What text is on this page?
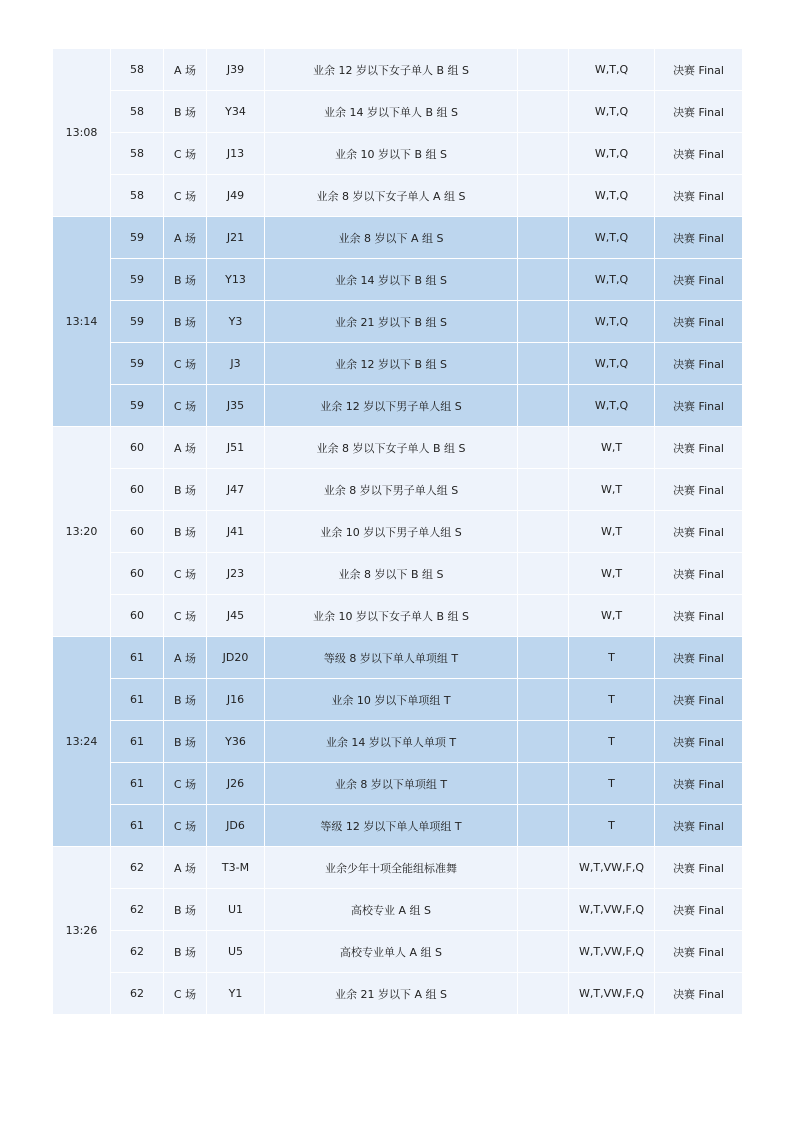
13:08	58	A 场	J39	业余 12 岁以下女子单人 B 组 S		W,T,Q	决赛 Final
	58	B 场	Y34	业余 14 岁以下单人 B 组 S		W,T,Q	决赛 Final
	58	C 场	J13	业余 10 岁以下 B 组 S		W,T,Q	决赛 Final
	58	C 场	J49	业余 8 岁以下女子单人 A 组 S		W,T,Q	决赛 Final
13:14	59	A 场	J21	业余 8 岁以下 A 组 S		W,T,Q	决赛 Final
	59	B 场	Y13	业余 14 岁以下 B 组 S		W,T,Q	决赛 Final
	59	B 场	Y3	业余 21 岁以下 B 组 S		W,T,Q	决赛 Final
	59	C 场	J3	业余 12 岁以下 B 组 S		W,T,Q	决赛 Final
	59	C 场	J35	业余 12 岁以下男子单人组 S		W,T,Q	决赛 Final
13:20	60	A 场	J51	业余 8 岁以下女子单人 B 组 S		W,T	决赛 Final
	60	B 场	J47	业余 8 岁以下男子单人组 S		W,T	决赛 Final
	60	B 场	J41	业余 10 岁以下男子单人组 S		W,T	决赛 Final
	60	C 场	J23	业余 8 岁以下 B 组 S		W,T	决赛 Final
	60	C 场	J45	业余 10 岁以下女子单人 B 组 S		W,T	决赛 Final
13:24	61	A 场	JD20	等级 8 岁以下单人单项组 T		T	决赛 Final
	61	B 场	J16	业余 10 岁以下单项组 T		T	决赛 Final
	61	B 场	Y36	业余 14 岁以下单人单项 T		T	决赛 Final
	61	C 场	J26	业余 8 岁以下单项组 T		T	决赛 Final
	61	C 场	JD6	等级 12 岁以下单人单项组 T		T	决赛 Final
13:26	62	A 场	T3-M	业余少年十项全能组标准舞		W,T,VW,F,Q	决赛 Final
	62	B 场	U1	高校专业 A 组 S		W,T,VW,F,Q	决赛 Final
	62	B 场	U5	高校专业单人 A 组 S		W,T,VW,F,Q	决赛 Final
	62	C 场	Y1	业余 21 岁以下 A 组 S		W,T,VW,F,Q	决赛 Final
